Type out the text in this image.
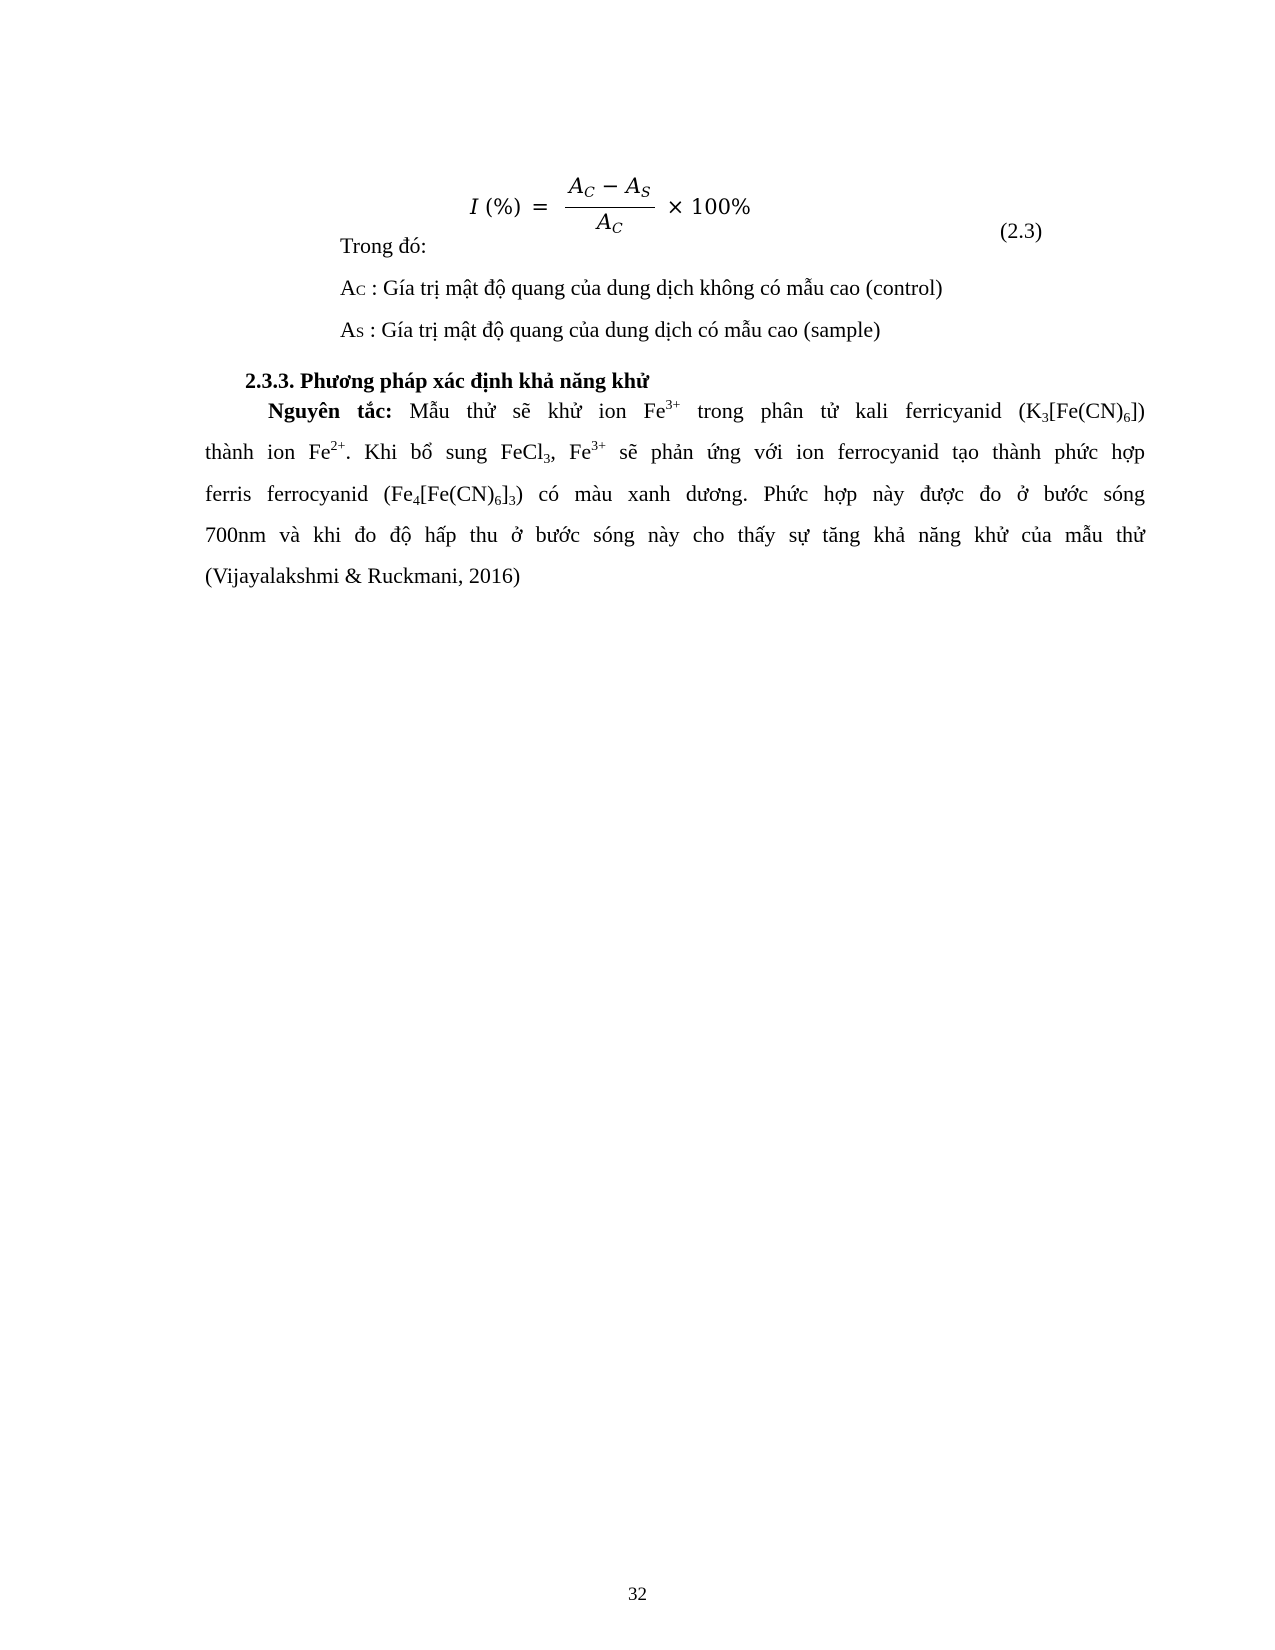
I (%) = $\frac{A_C - A_S}{A_C} \times 100\%$
(2.3)
Trong đó:
AC : Gía trị mật độ quang của dung dịch không có mẫu cao (control)
AS : Gía trị mật độ quang của dung dịch có mẫu cao (sample)
2.3.3. Phương pháp xác định khả năng khử
Nguyên tắc: Mẫu thử sẽ khử ion $Fe^{3+}$ trong phân tử kali ferricyanid $(K_3[Fe(CN)_6])$
thành ion $Fe^{2+}$. Khi bổ sung FeCl$_3$, $Fe^{3+}$ sẽ phản ứng với ion ferrocyanid tạo thành phức hợp
ferris ferrocyanid $(Fe_4[Fe(CN)_6]_3)$ có màu xanh dương. Phức hợp này được đo ở bước sóng
700nm và khi đo độ hấp thu ở bước sóng này cho thấy sự tăng khả năng khử của mẫu thử
(Vijayalakshmi & Ruckmani, 2016)
32
